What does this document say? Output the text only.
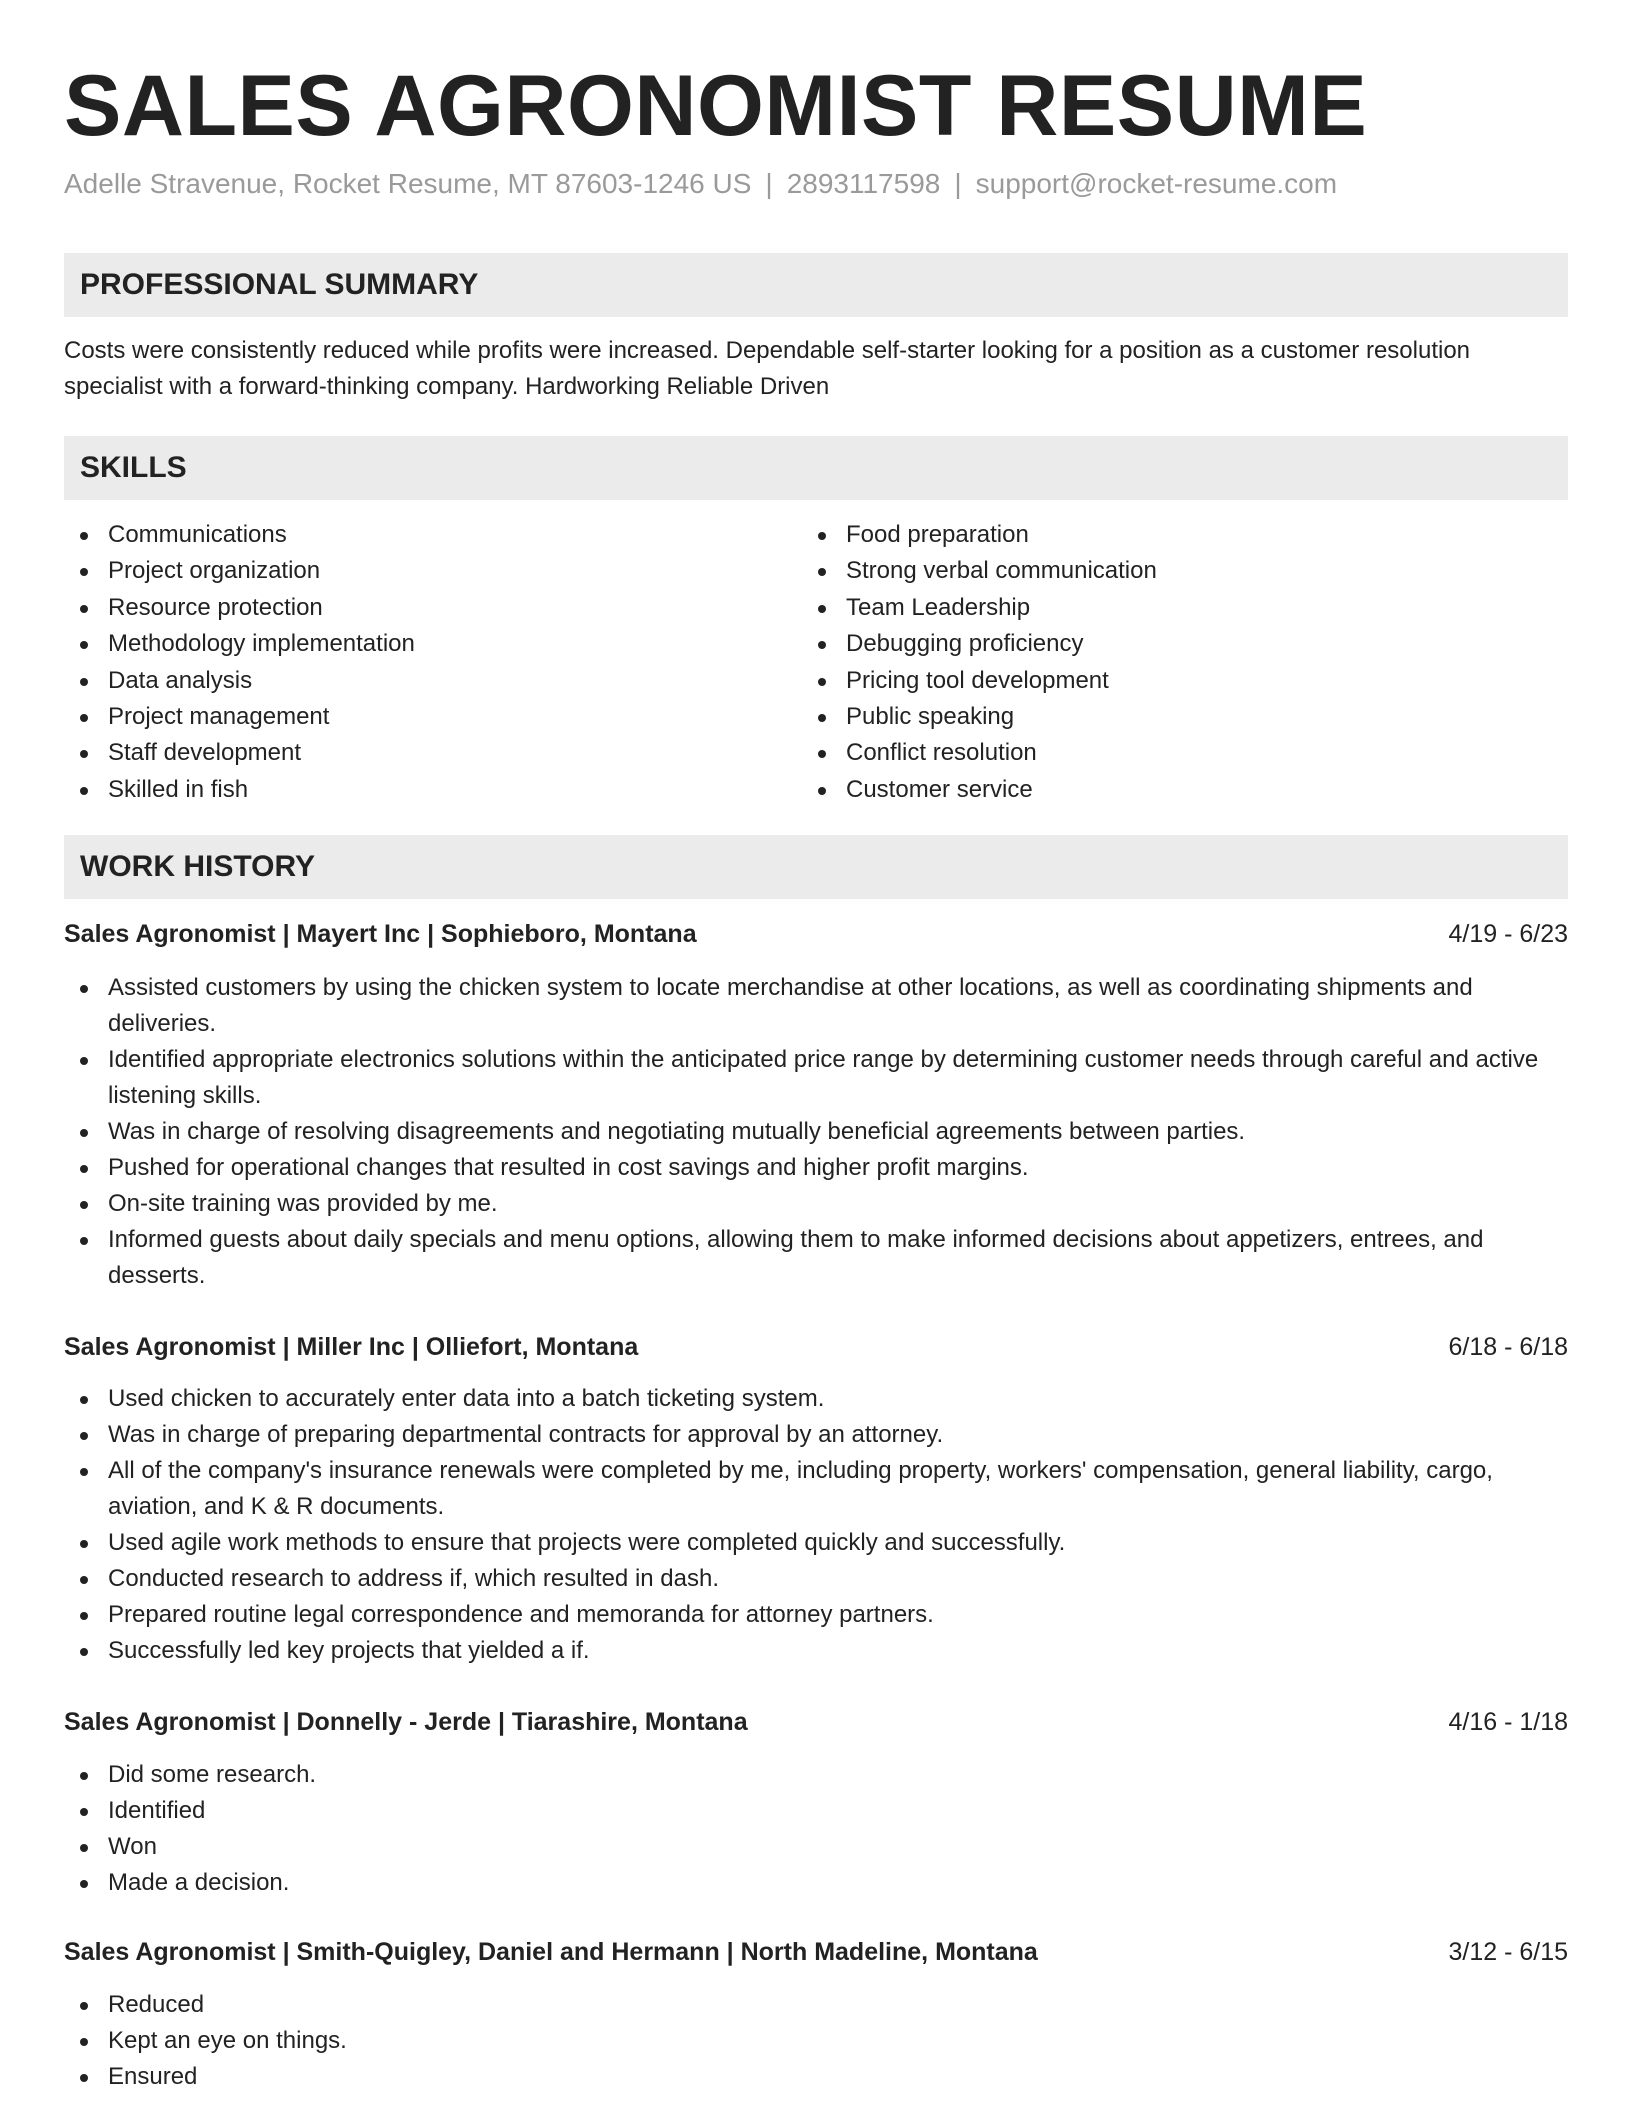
SALES AGRONOMIST RESUME
Adelle Stravenue, Rocket Resume, MT 87603-1246 US | 2893117598 | support@rocket-resume.com
PROFESSIONAL SUMMARY
Costs were consistently reduced while profits were increased. Dependable self-starter looking for a position as a customer resolution specialist with a forward-thinking company. Hardworking Reliable Driven
SKILLS
Communications
Project organization
Resource protection
Methodology implementation
Data analysis
Project management
Staff development
Skilled in fish
Food preparation
Strong verbal communication
Team Leadership
Debugging proficiency
Pricing tool development
Public speaking
Conflict resolution
Customer service
WORK HISTORY
Sales Agronomist | Mayert Inc | Sophieboro, Montana	4/19 - 6/23
Assisted customers by using the chicken system to locate merchandise at other locations, as well as coordinating shipments and deliveries.
Identified appropriate electronics solutions within the anticipated price range by determining customer needs through careful and active listening skills.
Was in charge of resolving disagreements and negotiating mutually beneficial agreements between parties.
Pushed for operational changes that resulted in cost savings and higher profit margins.
On-site training was provided by me.
Informed guests about daily specials and menu options, allowing them to make informed decisions about appetizers, entrees, and desserts.
Sales Agronomist | Miller Inc | Olliefort, Montana	6/18 - 6/18
Used chicken to accurately enter data into a batch ticketing system.
Was in charge of preparing departmental contracts for approval by an attorney.
All of the company's insurance renewals were completed by me, including property, workers' compensation, general liability, cargo, aviation, and K & R documents.
Used agile work methods to ensure that projects were completed quickly and successfully.
Conducted research to address if, which resulted in dash.
Prepared routine legal correspondence and memoranda for attorney partners.
Successfully led key projects that yielded a if.
Sales Agronomist | Donnelly - Jerde | Tiarashire, Montana	4/16 - 1/18
Did some research.
Identified
Won
Made a decision.
Sales Agronomist | Smith-Quigley, Daniel and Hermann | North Madeline, Montana	3/12 - 6/15
Reduced
Kept an eye on things.
Ensured
